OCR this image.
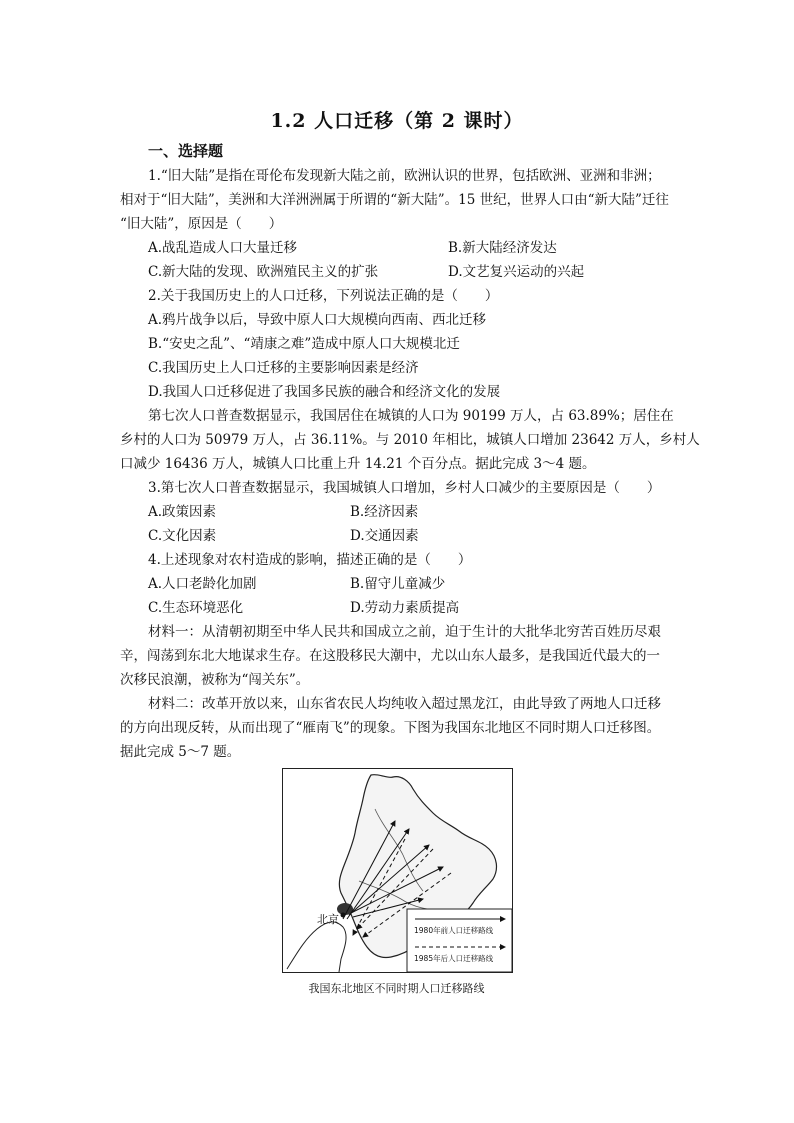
1.2 人口迁移（第 2 课时）
一、选择题
1.“旧大陆”是指在哥伦布发现新大陆之前，欧洲认识的世界，包括欧洲、亚洲和非洲；
相对于“旧大陆”，美洲和大洋洲洲属于所谓的“新大陆”。15 世纪，世界人口由“新大陆”迁往
“旧大陆”，原因是（　　）
A.战乱造成人口大量迁移	B.新大陆经济发达
C.新大陆的发现、欧洲殖民主义的扩张	D.文艺复兴运动的兴起
2.关于我国历史上的人口迁移，下列说法正确的是（　　）
A.鸦片战争以后，导致中原人口大规模向西南、西北迁移
B.“安史之乱”、“靖康之难”造成中原人口大规模北迁
C.我国历史上人口迁移的主要影响因素是经济
D.我国人口迁移促进了我国多民族的融合和经济文化的发展
第七次人口普查数据显示，我国居住在城镇的人口为 90199 万人，占 63.89%；居住在
乡村的人口为 50979 万人，占 36.11%。与 2010 年相比，城镇人口增加 23642 万人，乡村人
口减少 16436 万人，城镇人口比重上升 14.21 个百分点。据此完成 3～4 题。
3.第七次人口普查数据显示，我国城镇人口增加，乡村人口减少的主要原因是（　　）
A.政策因素	B.经济因素
C.文化因素	D.交通因素
4.上述现象对农村造成的影响，描述正确的是（　　）
A.人口老龄化加剧	B.留守儿童减少
C.生态环境恶化	D.劳动力素质提高
材料一：从清朝初期至中华人民共和国成立之前，迫于生计的大批华北穷苦百姓历尽艰
辛，闯荡到东北大地谋求生存。在这股移民大潮中，尤以山东人最多，是我国近代最大的一
次移民浪潮，被称为“闯关东”。
材料二：改革开放以来，山东省农民人均纯收入超过黑龙江，由此导致了两地人口迁移
的方向出现反转，从而出现了“雁南飞”的现象。下图为我国东北地区不同时期人口迁移图。
据此完成 5～7 题。
北京
1980年前人口迁移路线
1985年后人口迁移路线
我国东北地区不同时期人口迁移路线
